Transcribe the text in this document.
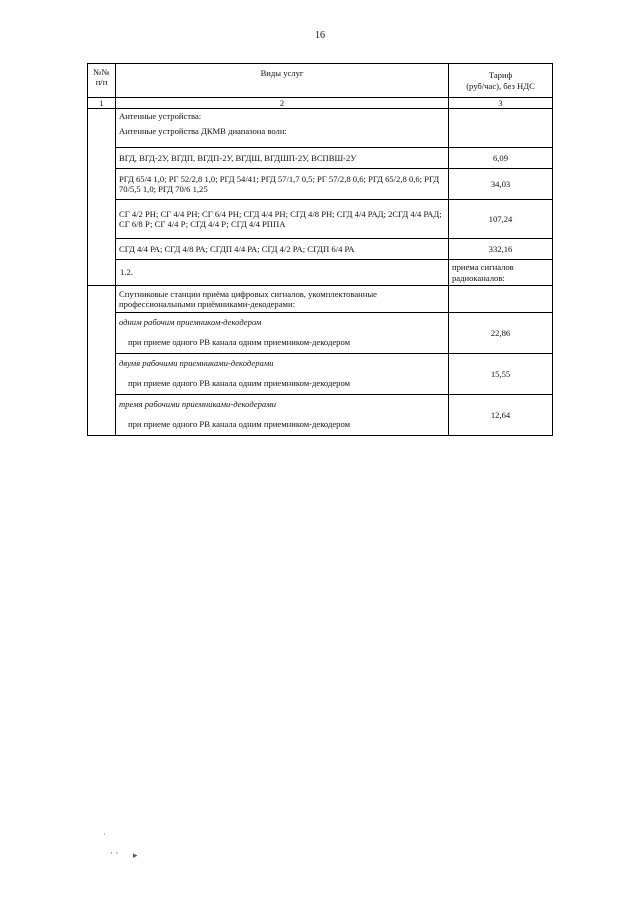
16
№№ п/п	Виды услуг	Тариф
(руб/час), без НДС	

1	2	3	

	Антенные устройства:
Антенные устройства ДКМВ диапазона волн:		

	ВГД, ВГД-2У, ВГДП, ВГДП-2У, ВГДШ, ВГДШП-2У, ВСПВШ-2У	6,09	
	РГД 65/4 1,0; РГ 52/2,8 1,0; РГД 54/41; РГД 57/1,7 0,5; РГ 57/2,8 0,6; РГД 65/2,8 0,6; РГД 70/5,5 1,0; РГД 70/6 1,25	34,03	
	СГ 4/2 РН; СГ 4/4 РН; СГ 6/4 РН; СГД 4/4 РН; СГД 4/8 РН; СГД 4/4 РАД; 2СГД 4/4 РАД; СГ 6/8 Р; СГ 4/4 Р; СГД 4/4 Р; СГД 4/4 РППА	107,24	
	СГД 4/4 РА; СГД 4/8 РА; СГДП 4/4 РА; СГД 4/2 РА; СГДП 6/4 РА	332,16	
	1.2.	приема сигналов радиоканалов:	
	Спутниковые станции приёма цифровых сигналов, укомплектованные профессиональными приёмниками-декодерами:		
	одним рабочим приемником-декодером	22,86	
	при приеме одного РВ канала одним приемником-декодером		
	двумя рабочими приемниками-декодерами	15,55	
	при приеме одного РВ канала одним приемником-декодером		
	тремя рабочими приемниками-декодерами	12,64	
	при приеме одного РВ канала одним приемником-декодером		
˙
· · ▸
